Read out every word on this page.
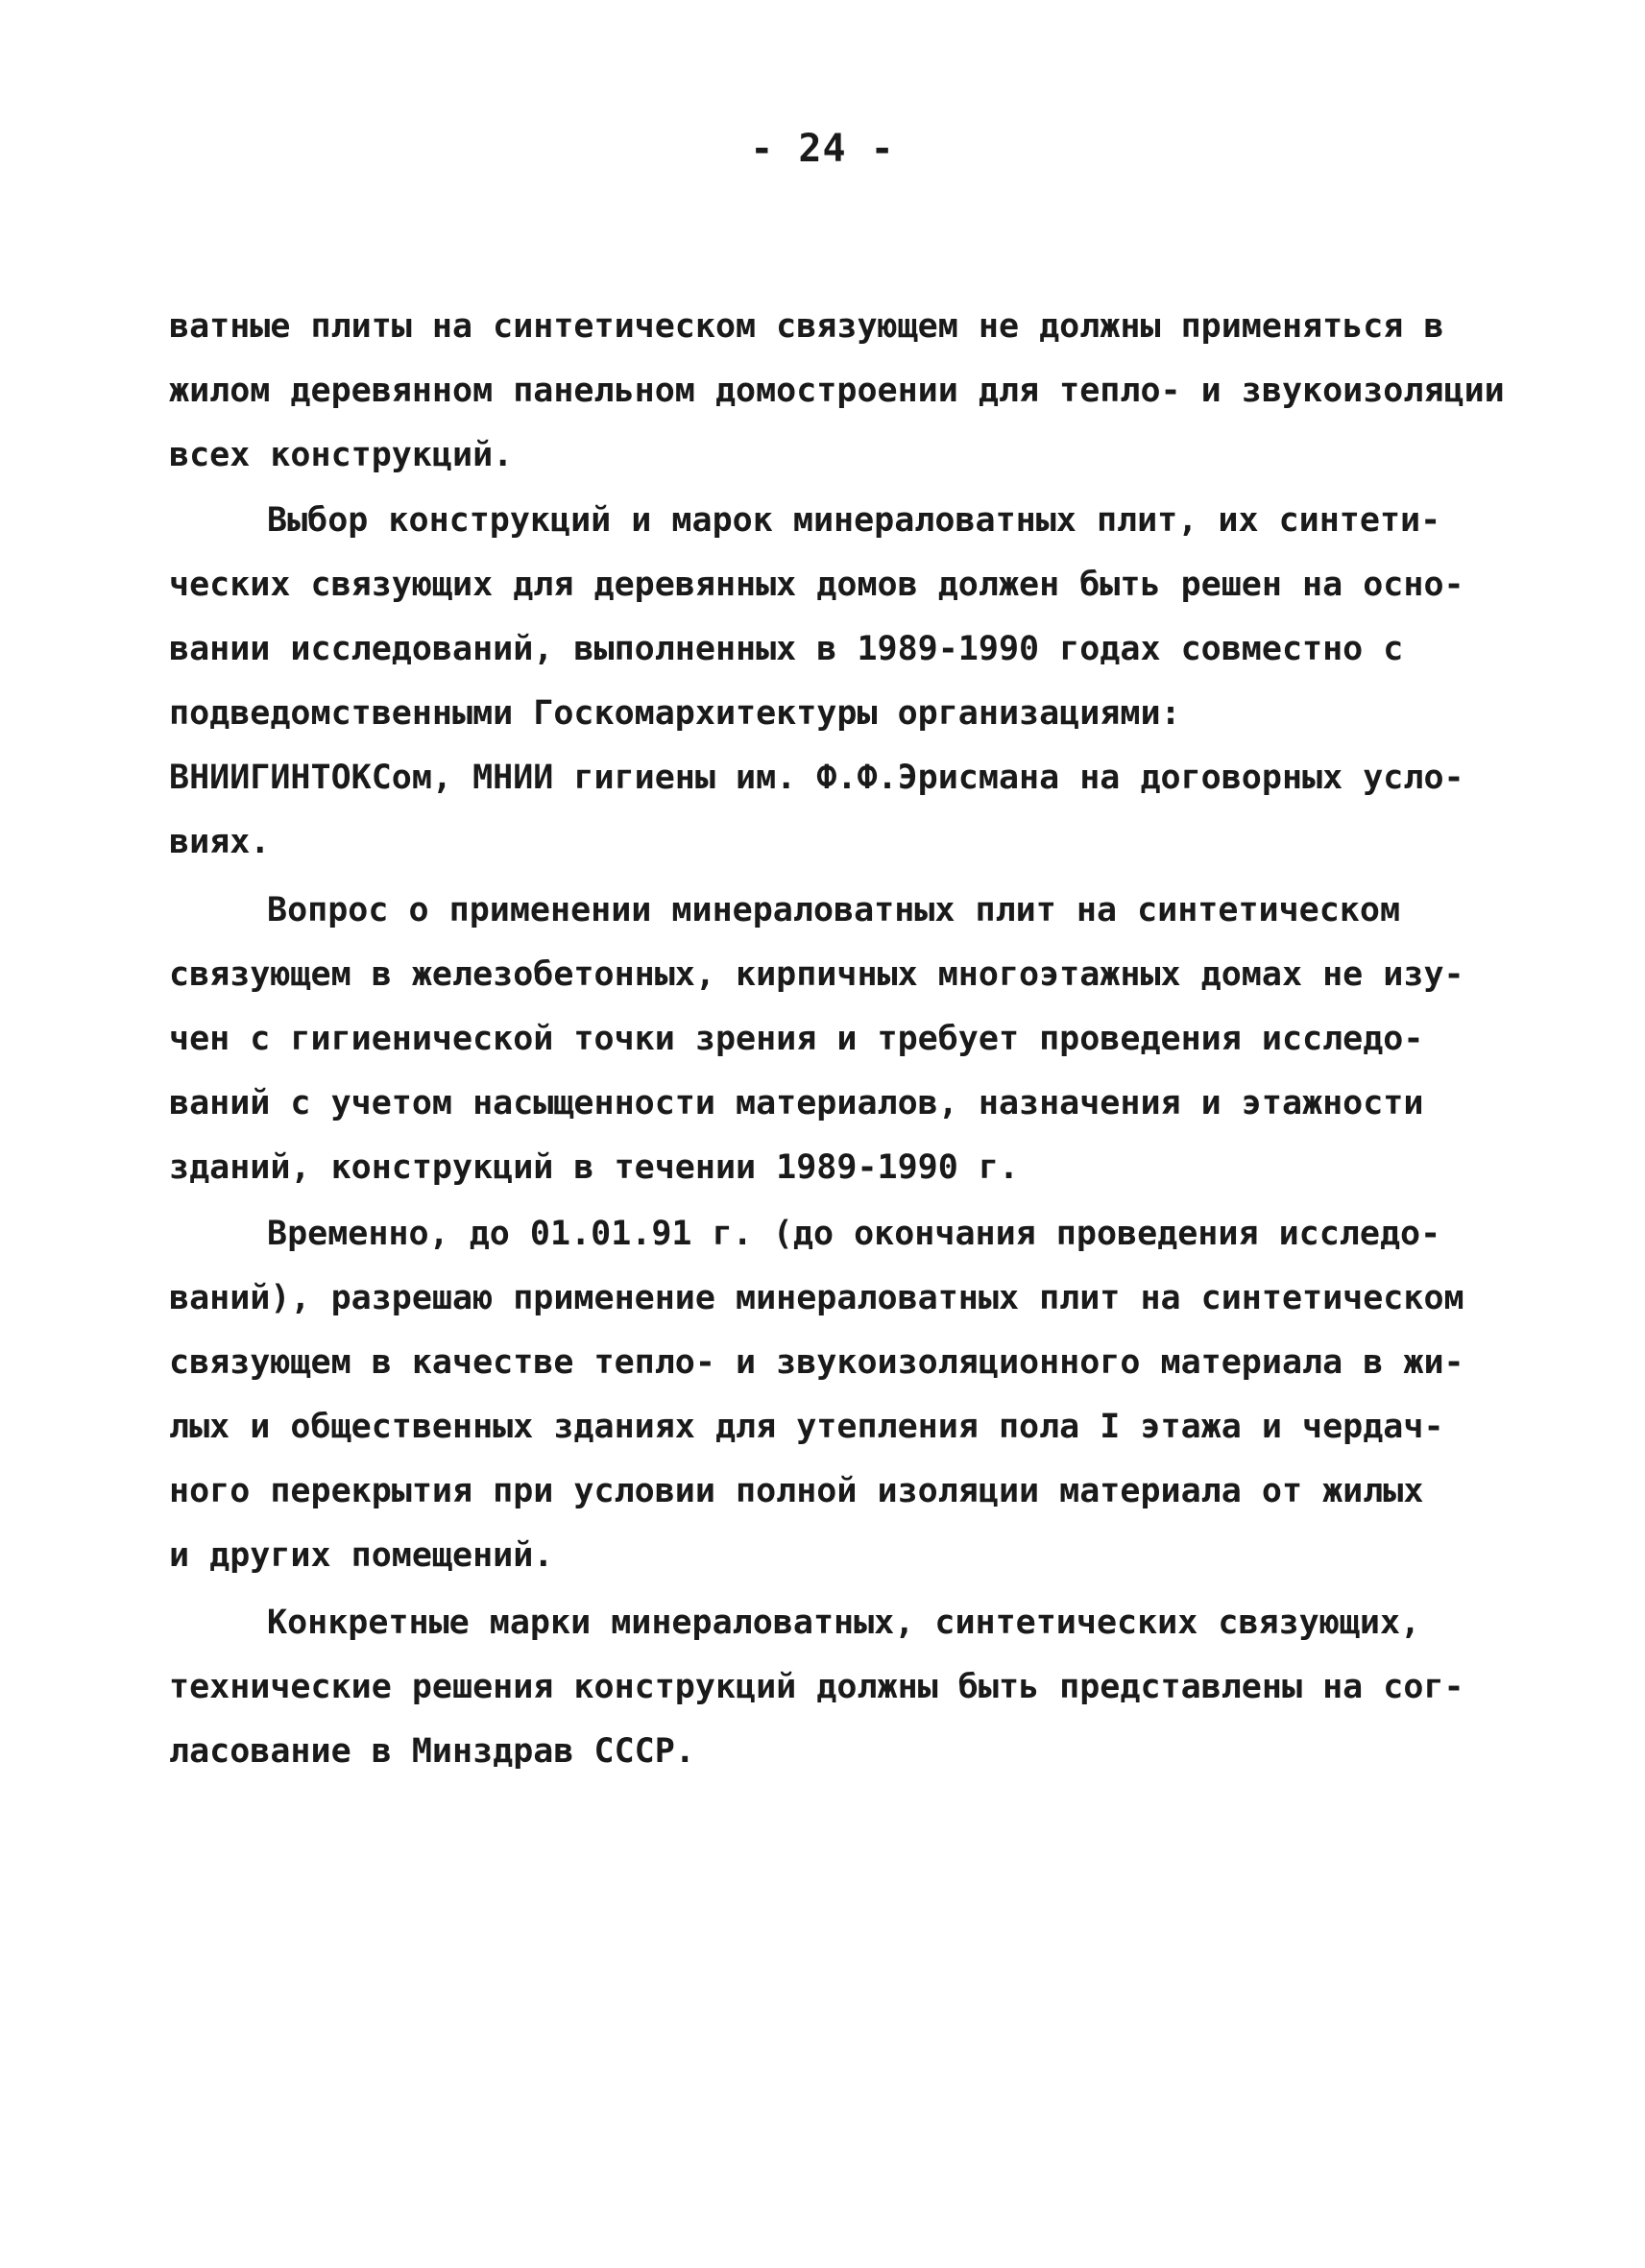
- 24 -
ватные плиты на синтетическом связующем не должны применяться в
жилом деревянном панельном домостроении для тепло- и звукоизоляции
всех конструкций.
Выбор конструкций и марок минераловатных плит, их синтети-
ческих связующих для деревянных домов должен быть решен на осно-
вании исследований, выполненных в 1989-1990 годах совместно с
подведомственными Госкомархитектуры организациями:
ВНИИГИНТОКСом, МНИИ гигиены им. Ф.Ф.Эрисмана на договорных усло-
виях.
Вопрос о применении минераловатных плит на синтетическом
связующем в железобетонных, кирпичных многоэтажных домах не изу-
чен с гигиенической точки зрения и требует проведения исследо-
ваний с учетом насыщенности материалов, назначения и этажности
зданий, конструкций в течении 1989-1990 г.
Временно, до 01.01.91 г. (до окончания проведения исследо-
ваний), разрешаю применение минераловатных плит на синтетическом
связующем в качестве тепло- и звукоизоляционного материала в жи-
лых и общественных зданиях для утепления пола I этажа и чердач-
ного перекрытия при условии полной изоляции материала от жилых
и других помещений.
Конкретные марки минераловатных, синтетических связующих,
технические решения конструкций должны быть представлены на сог-
ласование в Минздрав СССР.
